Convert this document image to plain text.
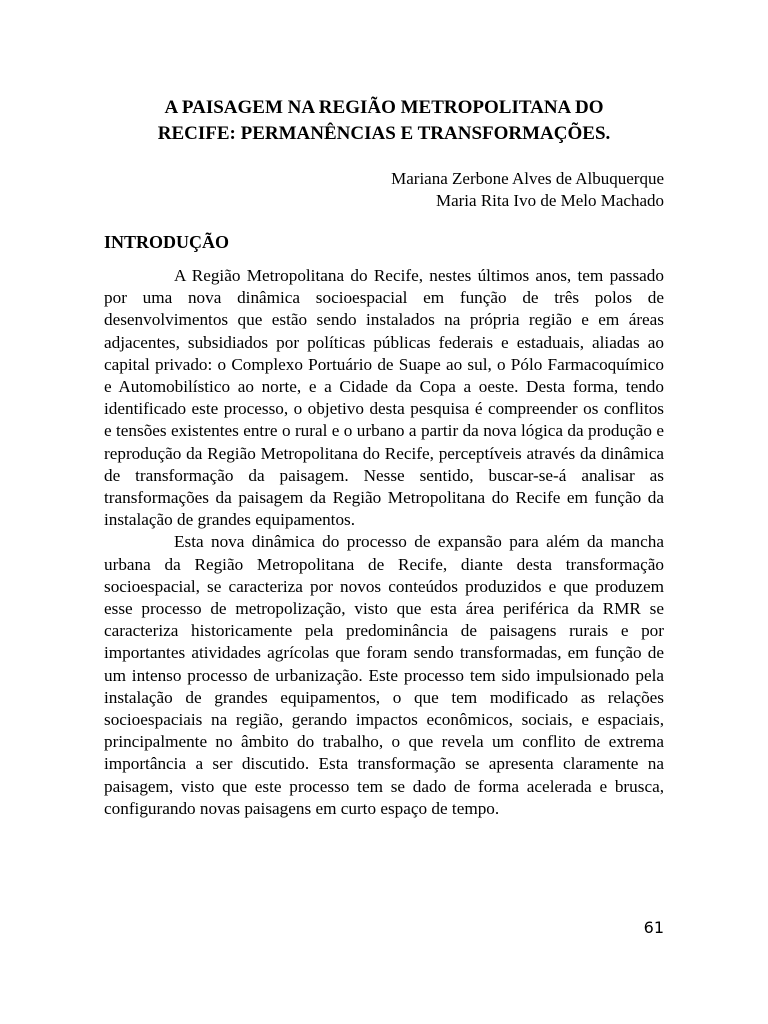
A PAISAGEM NA REGIÃO METROPOLITANA DO
RECIFE: PERMANÊNCIAS E TRANSFORMAÇÕES.
Mariana Zerbone Alves de Albuquerque
Maria Rita Ivo de Melo Machado
INTRODUÇÃO

A Região Metropolitana do Recife, nestes últimos anos, tem passado por uma nova dinâmica socioespacial em função de três polos de desenvolvimentos que estão sendo instalados na própria região e em áreas adjacentes, subsidiados por políticas públicas federais e estaduais, aliadas ao capital privado: o Complexo Portuário de Suape ao sul, o Pólo Farmacoquímico e Automobilístico ao norte, e a Cidade da Copa a oeste. Desta forma, tendo identificado este processo, o objetivo desta pesquisa é compreender os conflitos e tensões existentes entre o rural e o urbano a partir da nova lógica da produção e reprodução da Região Metropolitana do Recife, perceptíveis através da dinâmica de transformação da paisagem. Nesse sentido, buscar-se-á analisar as transformações da paisagem da Região Metropolitana do Recife em função da instalação de grandes equipamentos.

Esta nova dinâmica do processo de expansão para além da mancha urbana da Região Metropolitana de Recife, diante desta transformação socioespacial, se caracteriza por novos conteúdos produzidos e que produzem esse processo de metropolização, visto que esta área periférica da RMR se caracteriza historicamente pela predominância de paisagens rurais e por importantes atividades agrícolas que foram sendo transformadas, em função de um intenso processo de urbanização. Este processo tem sido impulsionado pela instalação de grandes equipamentos, o que tem modificado as relações socioespaciais na região, gerando impactos econômicos, sociais, e espaciais, principalmente no âmbito do trabalho, o que revela um conflito de extrema importância a ser discutido. Esta transformação se apresenta claramente na paisagem, visto que este processo tem se dado de forma acelerada e brusca, configurando novas paisagens em curto espaço de tempo.

61
